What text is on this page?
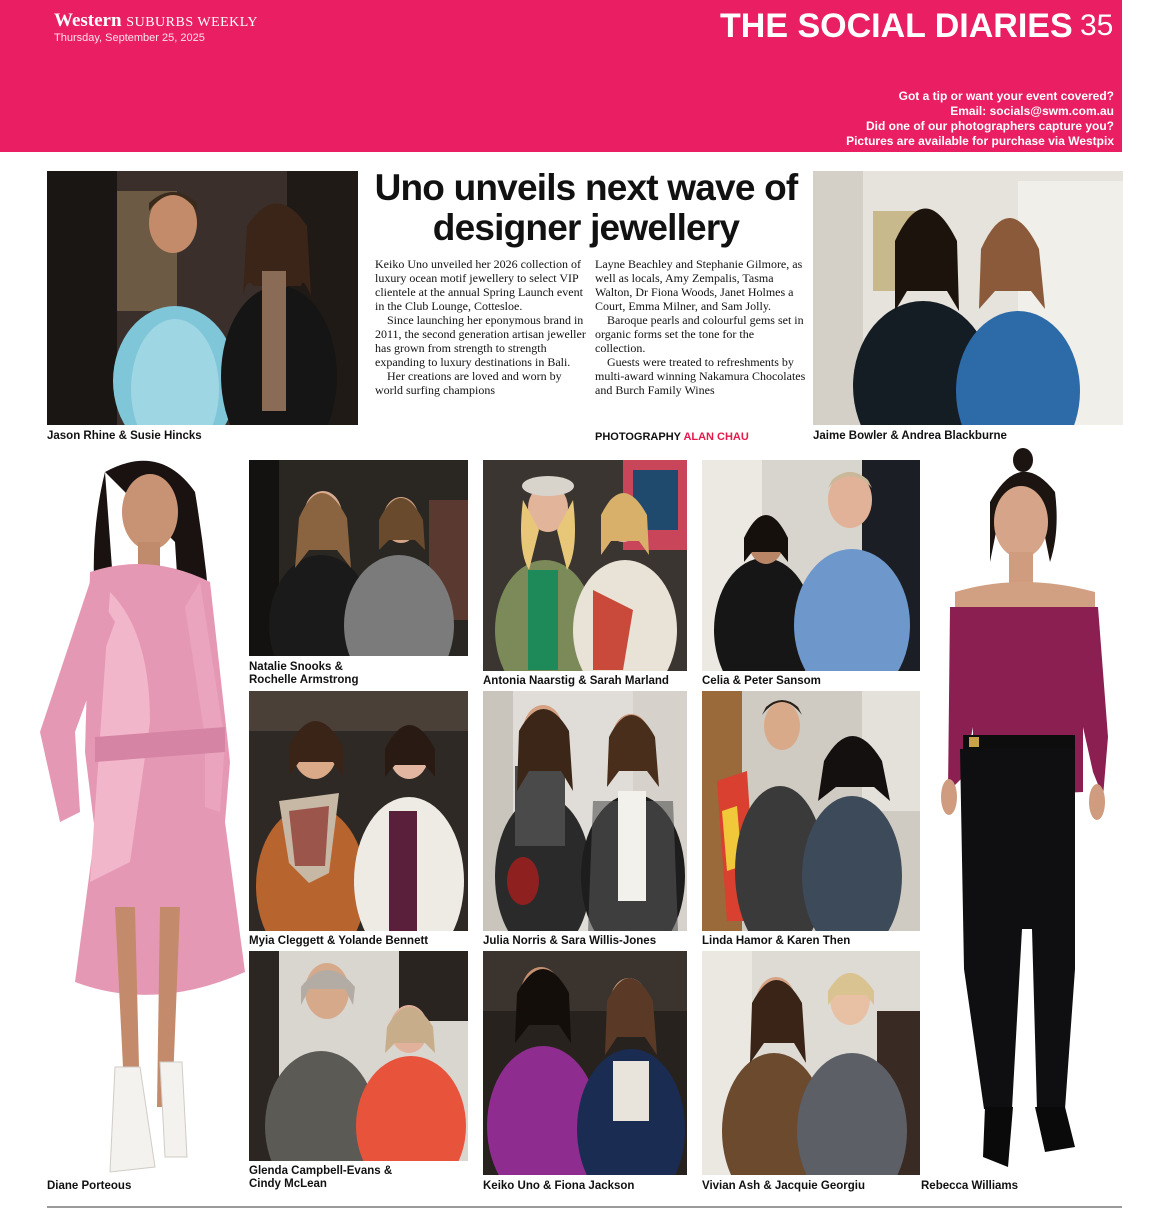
Western SUBURBS WEEKLY
Thursday, September 25, 2025	THE SOCIAL DIARIES 35
Got a tip or want your event covered?
Email: socials@swm.com.au
Did one of our photographers capture you?
Pictures are available for purchase via Westpix
Jason Rhine & Susie Hincks
Uno unveils next wave of designer jewellery

Keiko Uno unveiled her 2026 collection of luxury ocean motif jewellery to select VIP clientele at the annual Spring Launch event in the Club Lounge, Cottesloe.

Since launching her eponymous brand in 2011, the second generation artisan jeweller has grown from strength to strength expanding to luxury destinations in Bali.

Her creations are loved and worn by world surfing champions

Layne Beachley and Stephanie Gilmore, as well as locals, Amy Zempalis, Tasma Walton, Dr Fiona Woods, Janet Holmes a Court, Emma Milner, and Sam Jolly.

Baroque pearls and colourful gems set in organic forms set the tone for the collection.

Guests were treated to refreshments by multi-award winning Nakamura Chocolates and Burch Family Wines

PHOTOGRAPHY ALAN CHAU	Jaime Bowler & Andrea Blackburne
Diane Porteous	Rebecca Williams
Natalie Snooks &
Rochelle Armstrong	Antonia Naarstig & Sarah Marland	Celia & Peter Sansom
Myia Cleggett & Yolande Bennett	Julia Norris & Sara Willis-Jones	Linda Hamor & Karen Then
Glenda Campbell-Evans &
Cindy McLean	Keiko Uno & Fiona Jackson	Vivian Ash & Jacquie Georgiu
